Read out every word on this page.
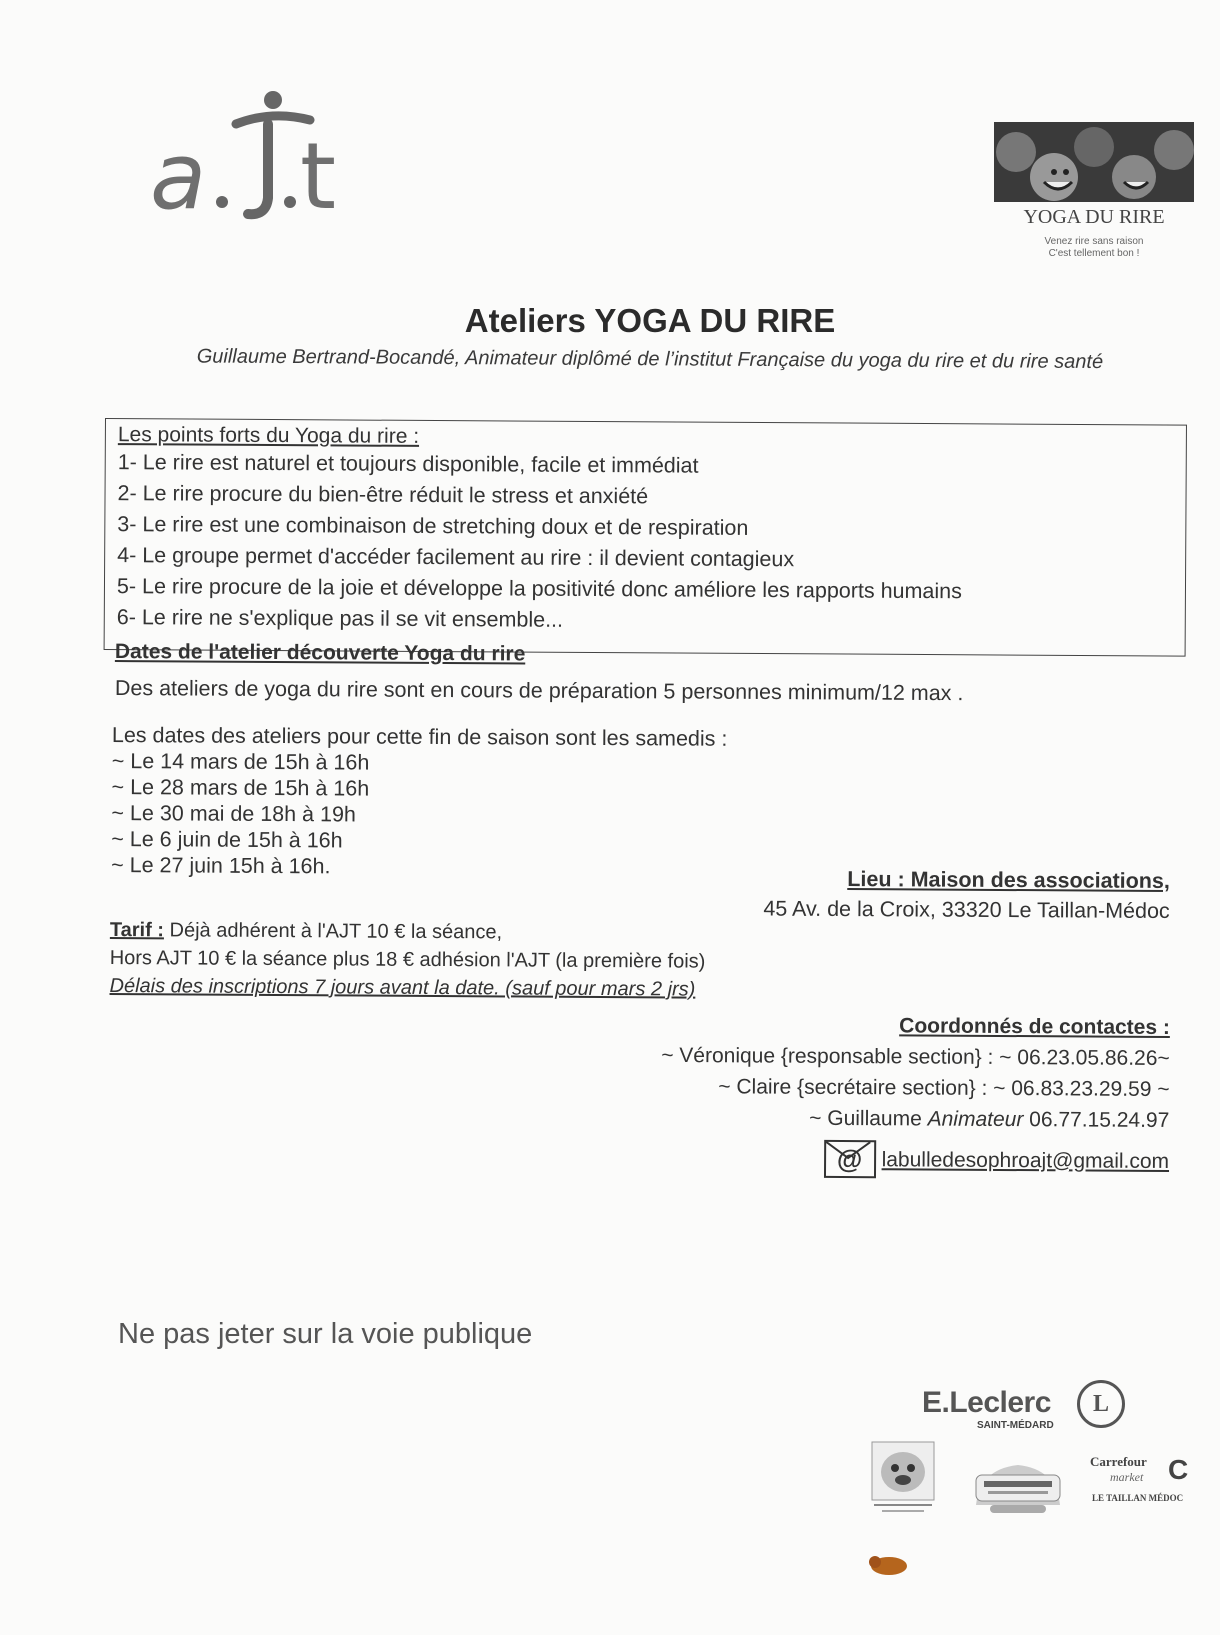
a t	YOGA DU RIRE
Venez rire sans raison
C'est tellement bon !
Ateliers YOGA DU RIRE
Guillaume Bertrand-Bocandé, Animateur diplômé de l’institut Française du yoga du rire et du rire santé
Les points forts du Yoga du rire :
1- Le rire est naturel et toujours disponible, facile et immédiat
2- Le rire procure du bien-être réduit le stress et anxiété
3- Le rire est une combinaison de stretching doux et de respiration
4- Le groupe permet d'accéder facilement au rire : il devient contagieux
5- Le rire procure de la joie et développe la positivité donc améliore les rapports humains
6- Le rire ne s'explique pas il se vit ensemble...
Dates de l'atelier découverte Yoga du rire
Des ateliers de yoga du rire sont en cours de préparation 5 personnes minimum/12 max .
Les dates des ateliers pour cette fin de saison sont les samedis :
~ Le 14 mars de 15h à 16h
~ Le 28 mars de 15h à 16h
~ Le 30 mai de 18h à 19h
~ Le 6 juin de 15h à 16h
~ Le 27 juin 15h à 16h.
Lieu : Maison des associations,
45 Av. de la Croix, 33320 Le Taillan-Médoc
Tarif : Déjà adhérent à l'AJT 10 € la séance,
Hors AJT 10 € la séance plus 18 € adhésion l'AJT (la première fois)
Délais des inscriptions 7 jours avant la date. (sauf pour mars 2 jrs)
Coordonnés de contactes :
~ Véronique {responsable section} : ~ 06.23.05.86.26~
~ Claire {secrétaire section} : ~ 06.83.23.29.59 ~
~ Guillaume Animateur 06.77.15.24.97
@ labulledesophroajt@gmail.com
Ne pas jeter sur la voie publique
E.Leclerc
SAINT-MÉDARD
L
Carrefour
market
LE TAILLAN MÉDOC
C
